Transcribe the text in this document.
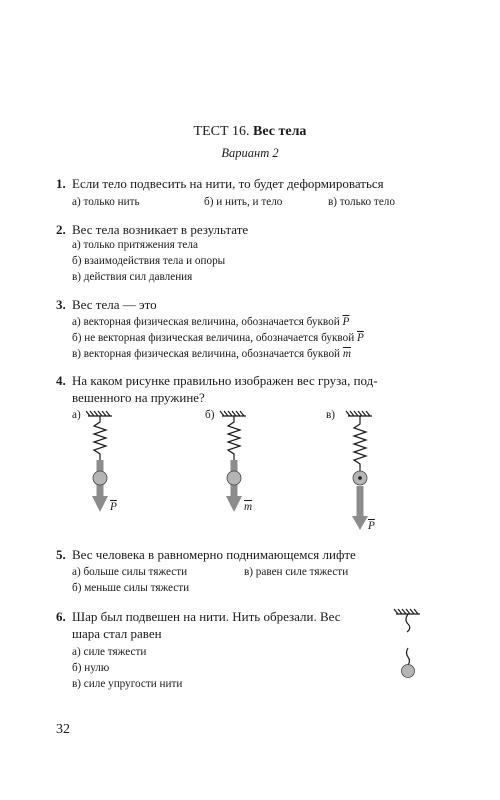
ТЕСТ 16. Вес тела
Вариант 2
1. Если тело подвесить на нити, то будет деформироваться
а) только нить	б) и нить, и тело	в) только тело
2. Вес тела возникает в результате
а) только притяжения тела
б) взаимодействия тела и опоры
в) действия сил давления
3. Вес тела — это
а) векторная физическая величина, обозначается буквой $\overline{P}$
б) не векторная физическая величина, обозначается буквой $\overline{P}$
в) векторная физическая величина, обозначается буквой $\overline{m}$
4. На каком рисунке правильно изображен вес груза, под-
вешенного на пружине?
а)	б)	в)
$\overline{P}$	$\overline{m}$
$\overline{P}$
5. Вес человека в равномерно поднимающемся лифте
а) больше силы тяжести
б) меньше силы тяжести
в) равен силе тяжести
6. Шар был подвешен на нити. Нить обрезали. Вес
шара стал равен
а) силе тяжести
б) нулю
в) силе упругости нити
32
